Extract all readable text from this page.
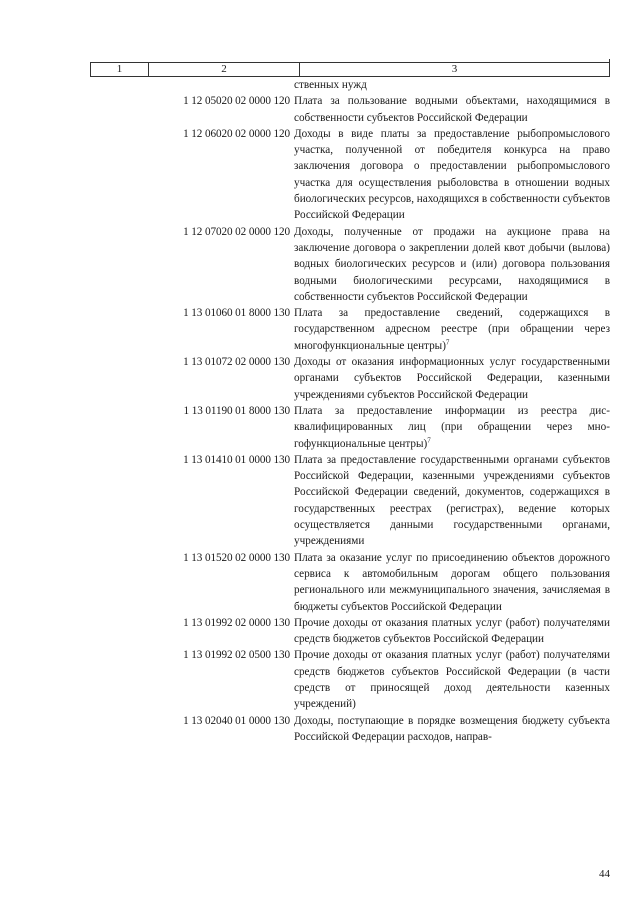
1	2	3
ственных нужд
1 12 05020 02 0000 120 Плата за пользование водными объектами, находящимися в собственности субъектов Российской Федерации
1 12 06020 02 0000 120 Доходы в виде платы за предоставление рыбопромыслового участка, полученной от победителя конкурса на право заключения договора о предоставлении рыбопромыслового участка для осуществления рыболовства в отношении водных биологических ресурсов, находящихся в собственности субъектов Российской Федерации
1 12 07020 02 0000 120 Доходы, полученные от продажи на аукционе права на заключение договора о закреплении долей квот добычи (вылова) водных биологических ресурсов и (или) договора пользования водными биологическими ресурсами, находящимися в собственности субъектов Российской Федерации
1 13 01060 01 8000 130 Плата за предоставление сведений, содержащихся в государственном адресном реестре (при обращении через многофункциональные центры)$^7$
1 13 01072 02 0000 130 Доходы от оказания информационных услуг государственными органами субъектов Российской Федерации, казенными учреждениями субъектов Российской Федерации
1 13 01190 01 8000 130 Плата за предоставление информации из реестра дисквалифицированных лиц (при обращении через многофункциональные центры)$^7$
1 13 01410 01 0000 130 Плата за предоставление государственными органами субъектов Российской Федерации, казенными учреждениями субъектов Российской Федерации сведений, документов, содержащихся в государственных реестрах (регистрах), ведение которых осуществляется данными государственными органами, учреждениями
1 13 01520 02 0000 130 Плата за оказание услуг по присоединению объектов дорожного сервиса к автомобильным дорогам общего пользования регионального или межмуниципального значения, зачисляемая в бюджеты субъектов Российской Федерации
1 13 01992 02 0000 130 Прочие доходы от оказания платных услуг (работ) получателями средств бюджетов субъектов Российской Федерации
1 13 01992 02 0500 130 Прочие доходы от оказания платных услуг (работ) получателями средств бюджетов субъектов Российской Федерации (в части средств от приносящей доход деятельности казенных учреждений)
1 13 02040 01 0000 130 Доходы, поступающие в порядке возмещения бюджету субъекта Российской Федерации расходов, направ-
44
